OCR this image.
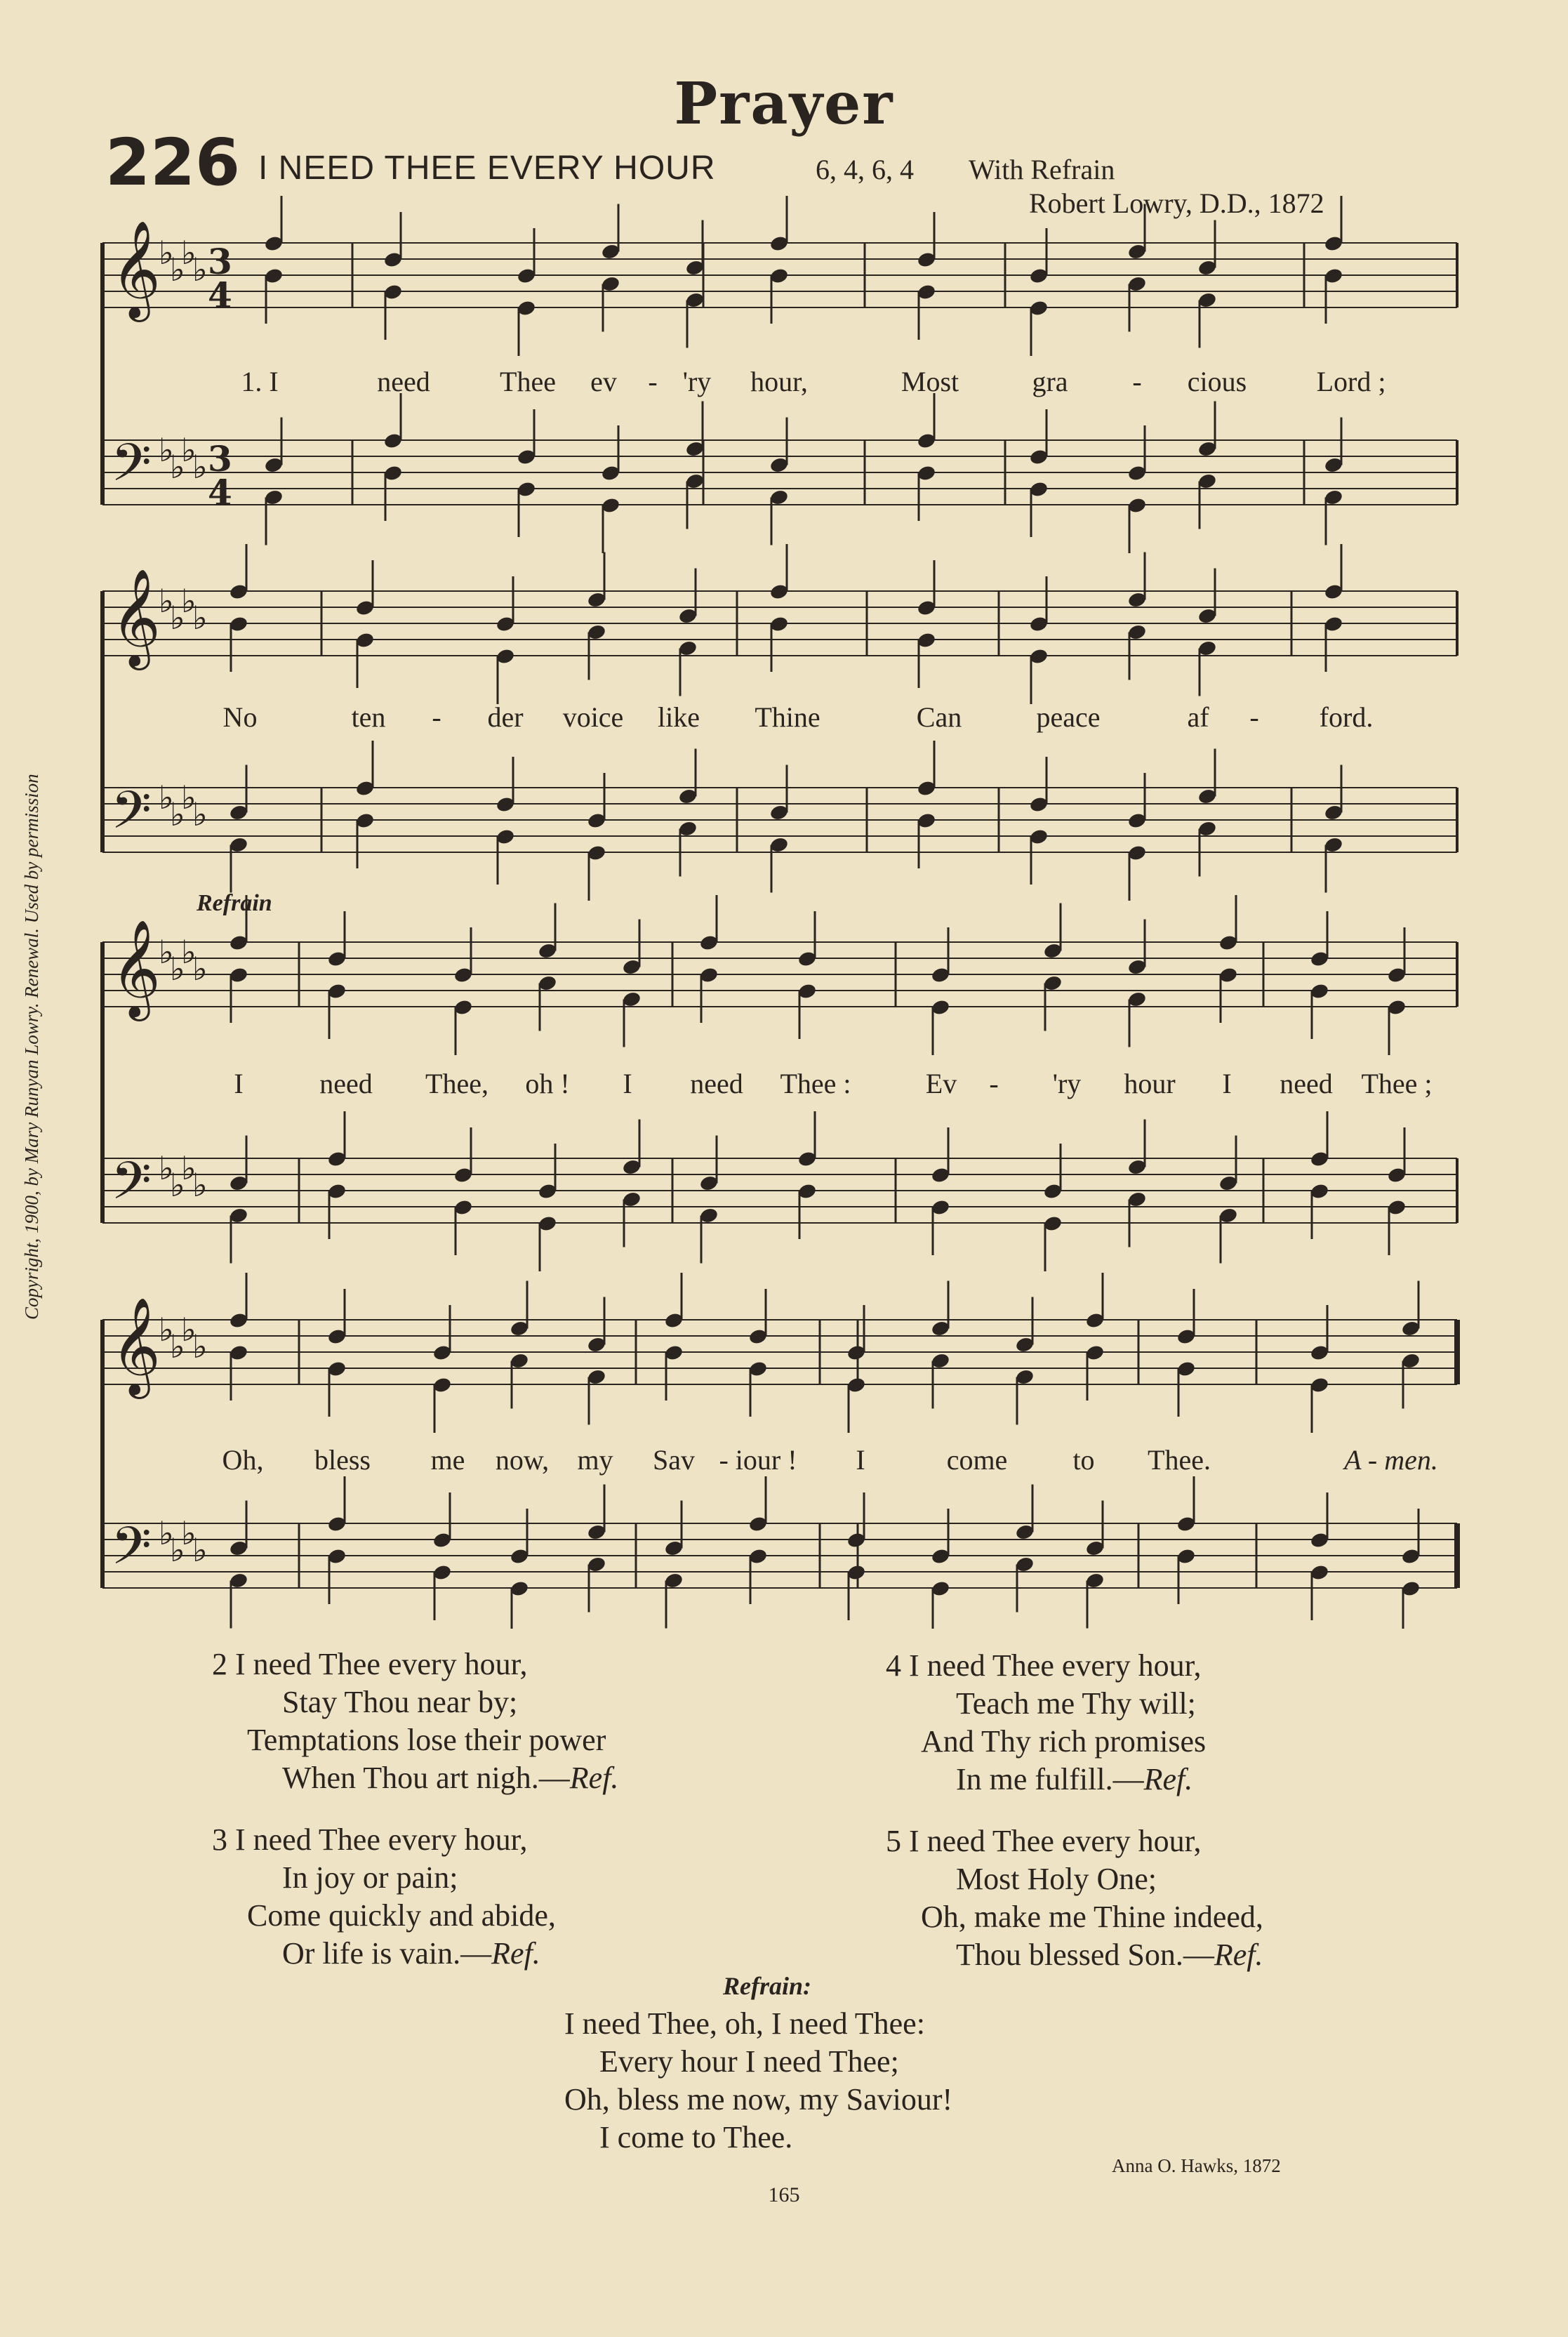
Prayer
226 I NEED THEE EVERY HOUR	6, 4, 6, 4 With Refrain
Robert Lowry, D.D., 1872
Copyright, 1900, by Mary Runyan Lowry. Renewal. Used by permission
𝄞
♭
♭
♭
♭ 3
4
𝄢 ♭
♭
♭
♭ 3
4
𝄞
♭
♭
♭
♭
𝄢 ♭
♭
♭
♭
𝄞
♭
♭
♭
♭
𝄢 ♭
♭
♭
♭
𝄞
♭
♭
♭
♭
𝄢 ♭
♭
♭
♭
1. I	need Thee ev - 'ry hour,	Most	gra - cious Lord ;
No	ten - der voice like Thine	Can	peace	af - ford.
I	need Thee, oh ! I need Thee :	Ev - 'ry hour I need Thee ;
Oh, bless me now, my Sav - iour ! I	come to Thee.	A - men.
Refrain
2 I need Thee every hour,
Stay Thou near by;
Temptations lose their power
When Thou art nigh.—Ref.
3 I need Thee every hour,
In joy or pain;
Come quickly and abide,
Or life is vain.—Ref.
4 I need Thee every hour,
Teach me Thy will;
And Thy rich promises
In me fulfill.—Ref.
5 I need Thee every hour,
Most Holy One;
Oh, make me Thine indeed,
Thou blessed Son.—Ref.
Refrain:
I need Thee, oh, I need Thee:
Every hour I need Thee;
Oh, bless me now, my Saviour!
I come to Thee.
Anna O. Hawks, 1872
165
